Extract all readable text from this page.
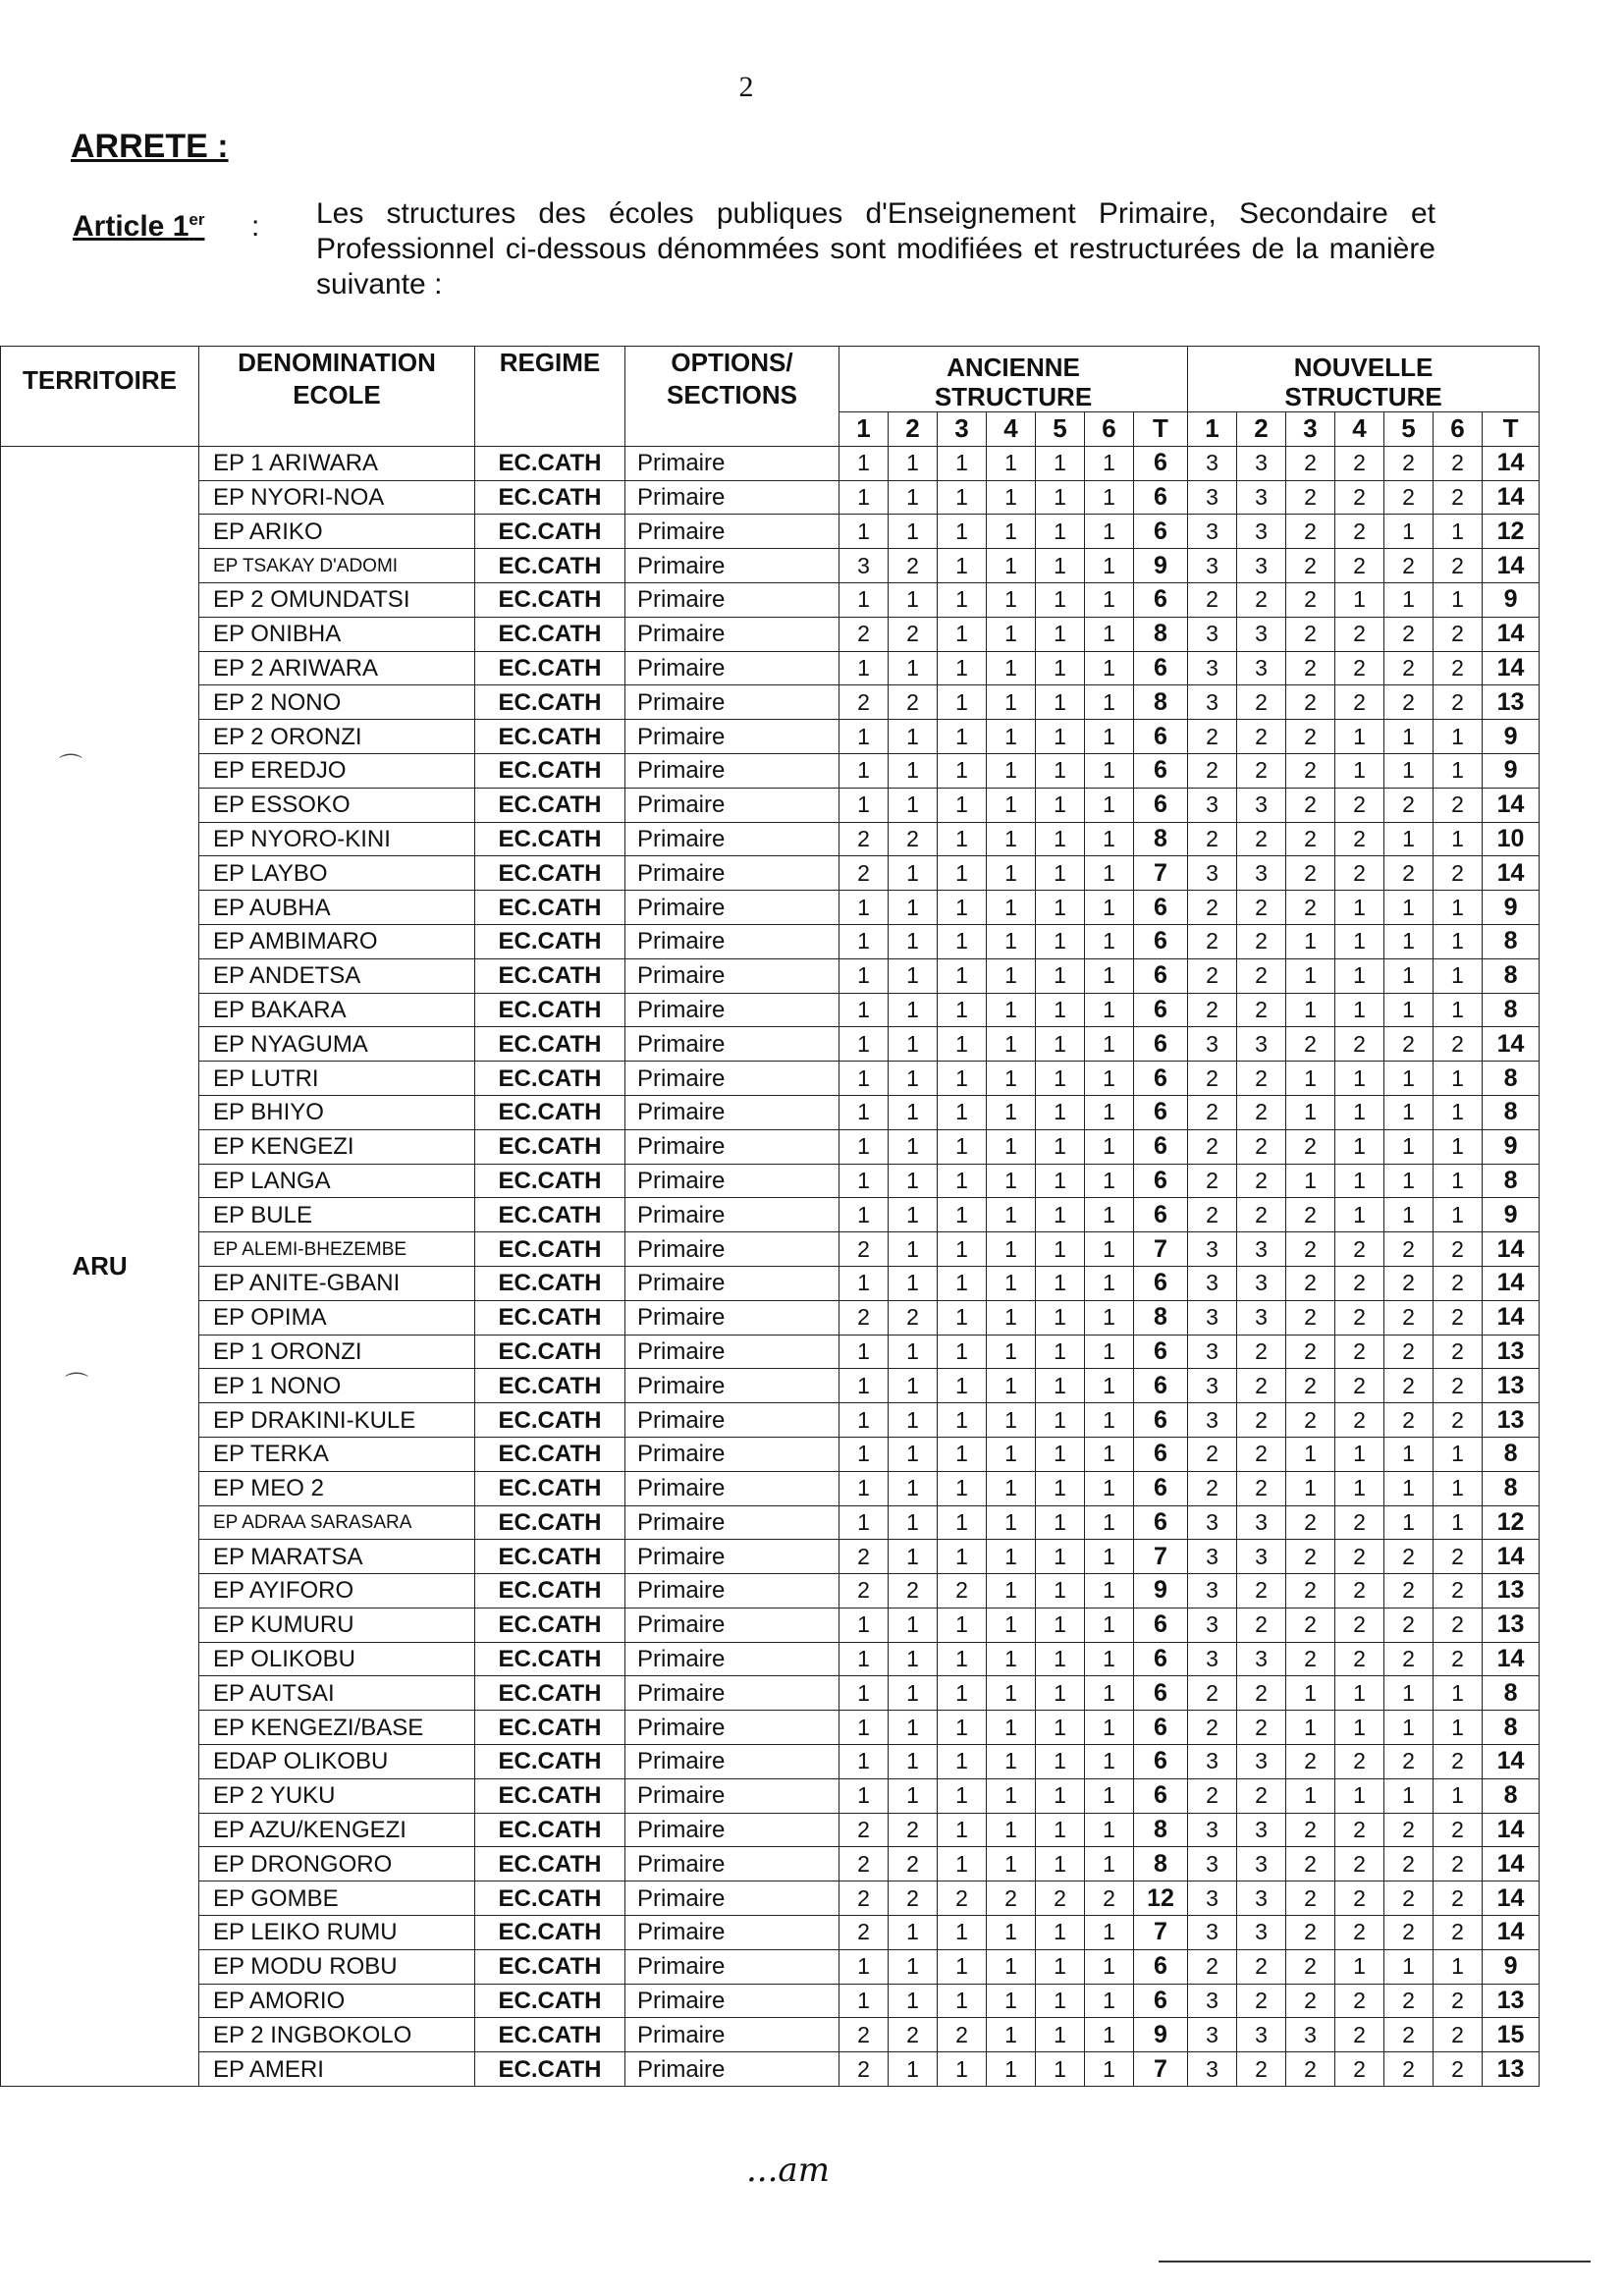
2
ARRETE :
Article 1er : Les structures des écoles publiques d'Enseignement Primaire, Secondaire et Professionnel ci-dessous dénommées sont modifiées et restructurées de la manière suivante :
⌒
⌒
TERRITOIRE	DENOMINATION ECOLE	REGIME	OPTIONS/ SECTIONS	ANCIENNE STRUCTURE							NOUVELLE STRUCTURE						
				1	2	3	4	5	6	T	1	2	3	4	5	6	T
ARU	EP 1 ARIWARA	EC.CATH	Primaire	1	1	1	1	1	1	6	3	3	2	2	2	2	14
	EP NYORI-NOA	EC.CATH	Primaire	1	1	1	1	1	1	6	3	3	2	2	2	2	14
	EP ARIKO	EC.CATH	Primaire	1	1	1	1	1	1	6	3	3	2	2	1	1	12
	EP TSAKAY D'ADOMI	EC.CATH	Primaire	3	2	1	1	1	1	9	3	3	2	2	2	2	14
	EP 2 OMUNDATSI	EC.CATH	Primaire	1	1	1	1	1	1	6	2	2	2	1	1	1	9
	EP ONIBHA	EC.CATH	Primaire	2	2	1	1	1	1	8	3	3	2	2	2	2	14
	EP 2 ARIWARA	EC.CATH	Primaire	1	1	1	1	1	1	6	3	3	2	2	2	2	14
	EP 2 NONO	EC.CATH	Primaire	2	2	1	1	1	1	8	3	2	2	2	2	2	13
	EP 2 ORONZI	EC.CATH	Primaire	1	1	1	1	1	1	6	2	2	2	1	1	1	9
	EP EREDJO	EC.CATH	Primaire	1	1	1	1	1	1	6	2	2	2	1	1	1	9
	EP ESSOKO	EC.CATH	Primaire	1	1	1	1	1	1	6	3	3	2	2	2	2	14
	EP NYORO-KINI	EC.CATH	Primaire	2	2	1	1	1	1	8	2	2	2	2	1	1	10
	EP LAYBO	EC.CATH	Primaire	2	1	1	1	1	1	7	3	3	2	2	2	2	14
	EP AUBHA	EC.CATH	Primaire	1	1	1	1	1	1	6	2	2	2	1	1	1	9
	EP AMBIMARO	EC.CATH	Primaire	1	1	1	1	1	1	6	2	2	1	1	1	1	8
	EP ANDETSA	EC.CATH	Primaire	1	1	1	1	1	1	6	2	2	1	1	1	1	8
	EP BAKARA	EC.CATH	Primaire	1	1	1	1	1	1	6	2	2	1	1	1	1	8
	EP NYAGUMA	EC.CATH	Primaire	1	1	1	1	1	1	6	3	3	2	2	2	2	14
	EP LUTRI	EC.CATH	Primaire	1	1	1	1	1	1	6	2	2	1	1	1	1	8
	EP BHIYO	EC.CATH	Primaire	1	1	1	1	1	1	6	2	2	1	1	1	1	8
	EP KENGEZI	EC.CATH	Primaire	1	1	1	1	1	1	6	2	2	2	1	1	1	9
	EP LANGA	EC.CATH	Primaire	1	1	1	1	1	1	6	2	2	1	1	1	1	8
	EP BULE	EC.CATH	Primaire	1	1	1	1	1	1	6	2	2	2	1	1	1	9
	EP ALEMI-BHEZEMBE	EC.CATH	Primaire	2	1	1	1	1	1	7	3	3	2	2	2	2	14
	EP ANITE-GBANI	EC.CATH	Primaire	1	1	1	1	1	1	6	3	3	2	2	2	2	14
	EP OPIMA	EC.CATH	Primaire	2	2	1	1	1	1	8	3	3	2	2	2	2	14
	EP 1 ORONZI	EC.CATH	Primaire	1	1	1	1	1	1	6	3	2	2	2	2	2	13
	EP 1 NONO	EC.CATH	Primaire	1	1	1	1	1	1	6	3	2	2	2	2	2	13
	EP DRAKINI-KULE	EC.CATH	Primaire	1	1	1	1	1	1	6	3	2	2	2	2	2	13
	EP TERKA	EC.CATH	Primaire	1	1	1	1	1	1	6	2	2	1	1	1	1	8
	EP MEO 2	EC.CATH	Primaire	1	1	1	1	1	1	6	2	2	1	1	1	1	8
	EP ADRAA SARASARA	EC.CATH	Primaire	1	1	1	1	1	1	6	3	3	2	2	1	1	12
	EP MARATSA	EC.CATH	Primaire	2	1	1	1	1	1	7	3	3	2	2	2	2	14
	EP AYIFORO	EC.CATH	Primaire	2	2	2	1	1	1	9	3	2	2	2	2	2	13
	EP KUMURU	EC.CATH	Primaire	1	1	1	1	1	1	6	3	2	2	2	2	2	13
	EP OLIKOBU	EC.CATH	Primaire	1	1	1	1	1	1	6	3	3	2	2	2	2	14
	EP AUTSAI	EC.CATH	Primaire	1	1	1	1	1	1	6	2	2	1	1	1	1	8
	EP KENGEZI/BASE	EC.CATH	Primaire	1	1	1	1	1	1	6	2	2	1	1	1	1	8
	EDAP OLIKOBU	EC.CATH	Primaire	1	1	1	1	1	1	6	3	3	2	2	2	2	14
	EP 2 YUKU	EC.CATH	Primaire	1	1	1	1	1	1	6	2	2	1	1	1	1	8
	EP AZU/KENGEZI	EC.CATH	Primaire	2	2	1	1	1	1	8	3	3	2	2	2	2	14
	EP DRONGORO	EC.CATH	Primaire	2	2	1	1	1	1	8	3	3	2	2	2	2	14
	EP GOMBE	EC.CATH	Primaire	2	2	2	2	2	2	12	3	3	2	2	2	2	14
	EP LEIKO RUMU	EC.CATH	Primaire	2	1	1	1	1	1	7	3	3	2	2	2	2	14
	EP MODU ROBU	EC.CATH	Primaire	1	1	1	1	1	1	6	2	2	2	1	1	1	9
	EP AMORIO	EC.CATH	Primaire	1	1	1	1	1	1	6	3	2	2	2	2	2	13
	EP 2 INGBOKOLO	EC.CATH	Primaire	2	2	2	1	1	1	9	3	3	3	2	2	2	15
	EP AMERI	EC.CATH	Primaire	2	1	1	1	1	1	7	3	2	2	2	2	2	13
...am
